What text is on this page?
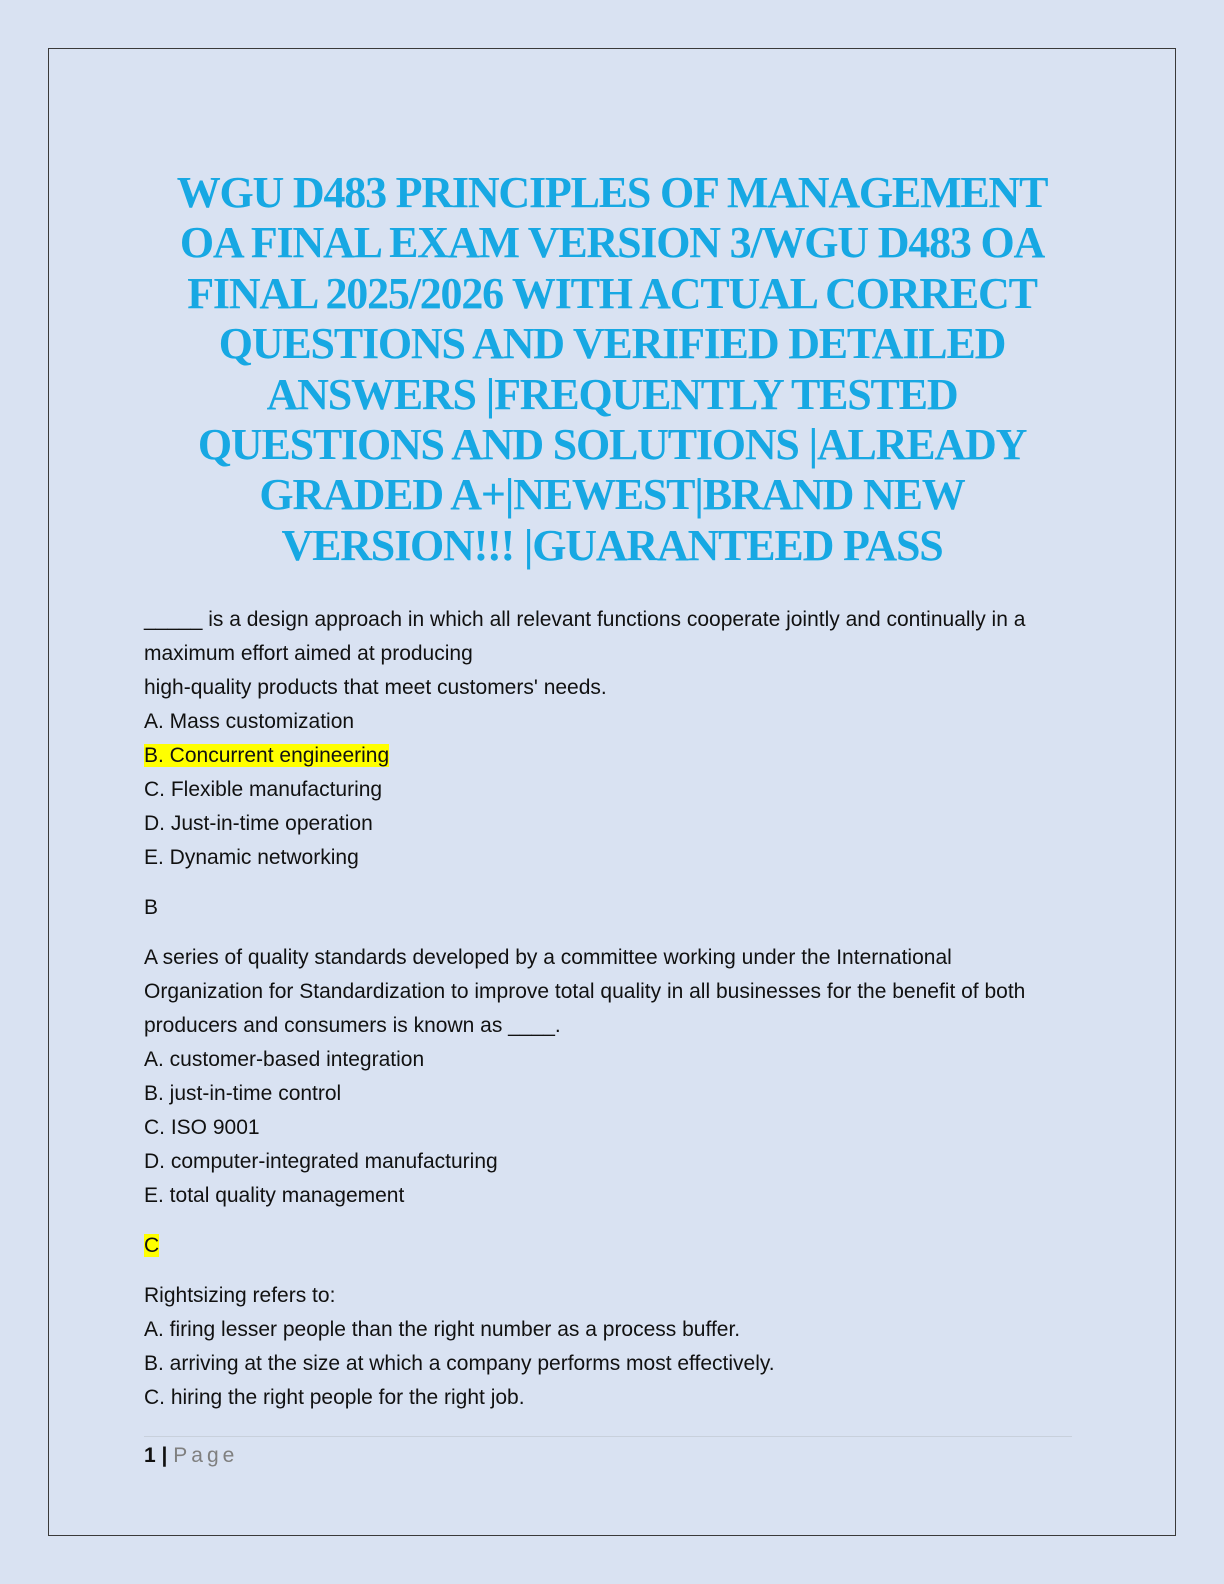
WGU D483 PRINCIPLES OF MANAGEMENT
OA FINAL EXAM VERSION 3/WGU D483 OA
FINAL 2025/2026 WITH ACTUAL CORRECT
QUESTIONS AND VERIFIED DETAILED
ANSWERS |FREQUENTLY TESTED
QUESTIONS AND SOLUTIONS |ALREADY
GRADED A+|NEWEST|BRAND NEW
VERSION!!! |GUARANTEED PASS
_____ is a design approach in which all relevant functions cooperate jointly and continually in a
maximum effort aimed at producing
high-quality products that meet customers' needs.
A. Mass customization
B. Concurrent engineering
C. Flexible manufacturing
D. Just-in-time operation
E. Dynamic networking
B
A series of quality standards developed by a committee working under the International
Organization for Standardization to improve total quality in all businesses for the benefit of both
producers and consumers is known as ____.
A. customer-based integration
B. just-in-time control
C. ISO 9001
D. computer-integrated manufacturing
E. total quality management
C
Rightsizing refers to:
A. firing lesser people than the right number as a process buffer.
B. arriving at the size at which a company performs most effectively.
C. hiring the right people for the right job.
1 | Page
